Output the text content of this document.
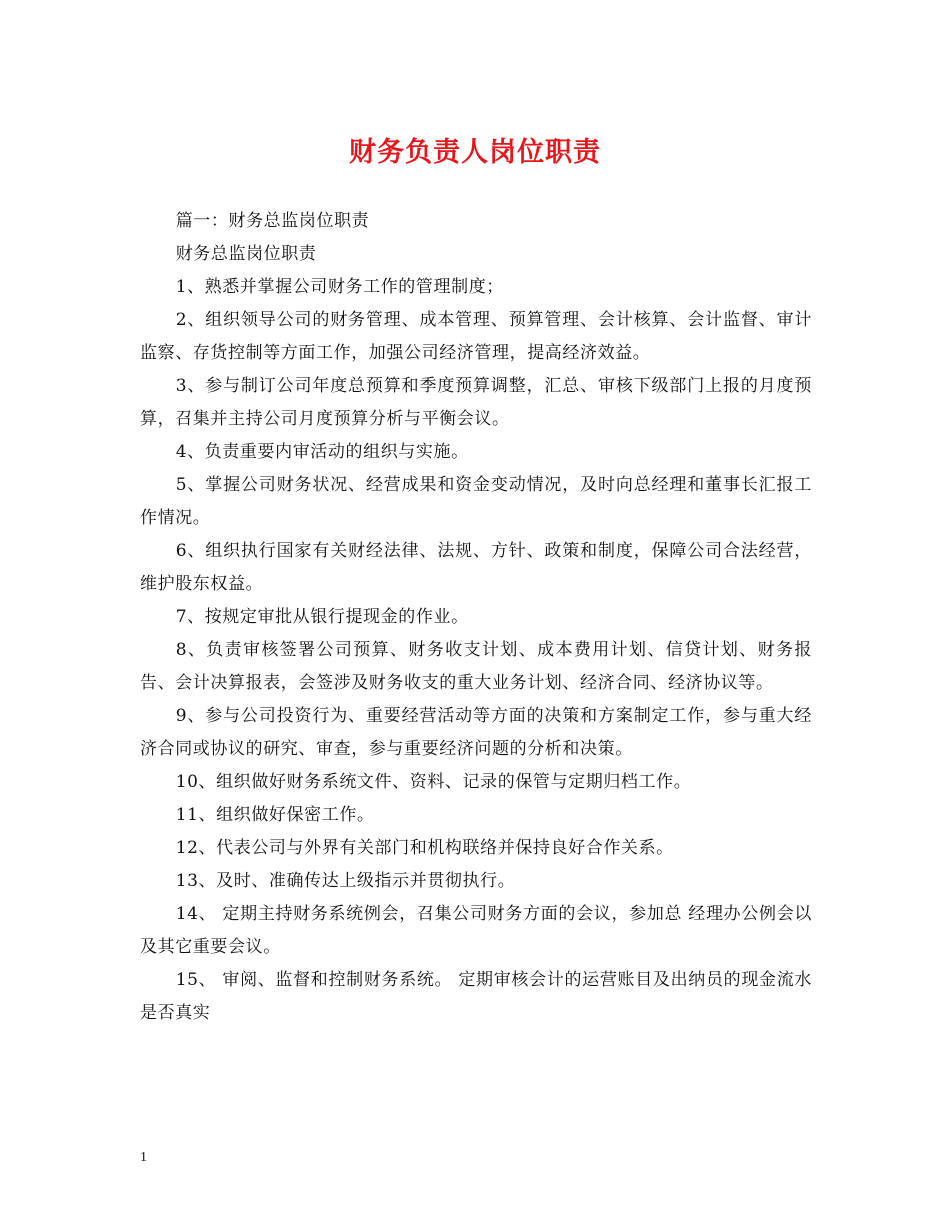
财务负责人岗位职责

篇一：财务总监岗位职责

财务总监岗位职责

1、熟悉并掌握公司财务工作的管理制度；

2、组织领导公司的财务管理、成本管理、预算管理、会计核算、会计监督、审计监察、存货控制等方面工作，加强公司经济管理，提高经济效益。

3、参与制订公司年度总预算和季度预算调整，汇总、审核下级部门上报的月度预算，召集并主持公司月度预算分析与平衡会议。

4、负责重要内审活动的组织与实施。

5、掌握公司财务状况、经营成果和资金变动情况，及时向总经理和董事长汇报工作情况。

6、组织执行国家有关财经法律、法规、方针、政策和制度，保障公司合法经营，维护股东权益。

7、按规定审批从银行提现金的作业。

8、负责审核签署公司预算、财务收支计划、成本费用计划、信贷计划、财务报告、会计决算报表，会签涉及财务收支的重大业务计划、经济合同、经济协议等。

9、参与公司投资行为、重要经营活动等方面的决策和方案制定工作，参与重大经济合同或协议的研究、审查，参与重要经济问题的分析和决策。

10、组织做好财务系统文件、资料、记录的保管与定期归档工作。

11、组织做好保密工作。

12、代表公司与外界有关部门和机构联络并保持良好合作关系。

13、及时、准确传达上级指示并贯彻执行。

14、 定期主持财务系统例会，召集公司财务方面的会议，参加总 经理办公例会以及其它重要会议。

15、 审阅、监督和控制财务系统。 定期审核会计的运营账目及出纳员的现金流水是否真实

1
